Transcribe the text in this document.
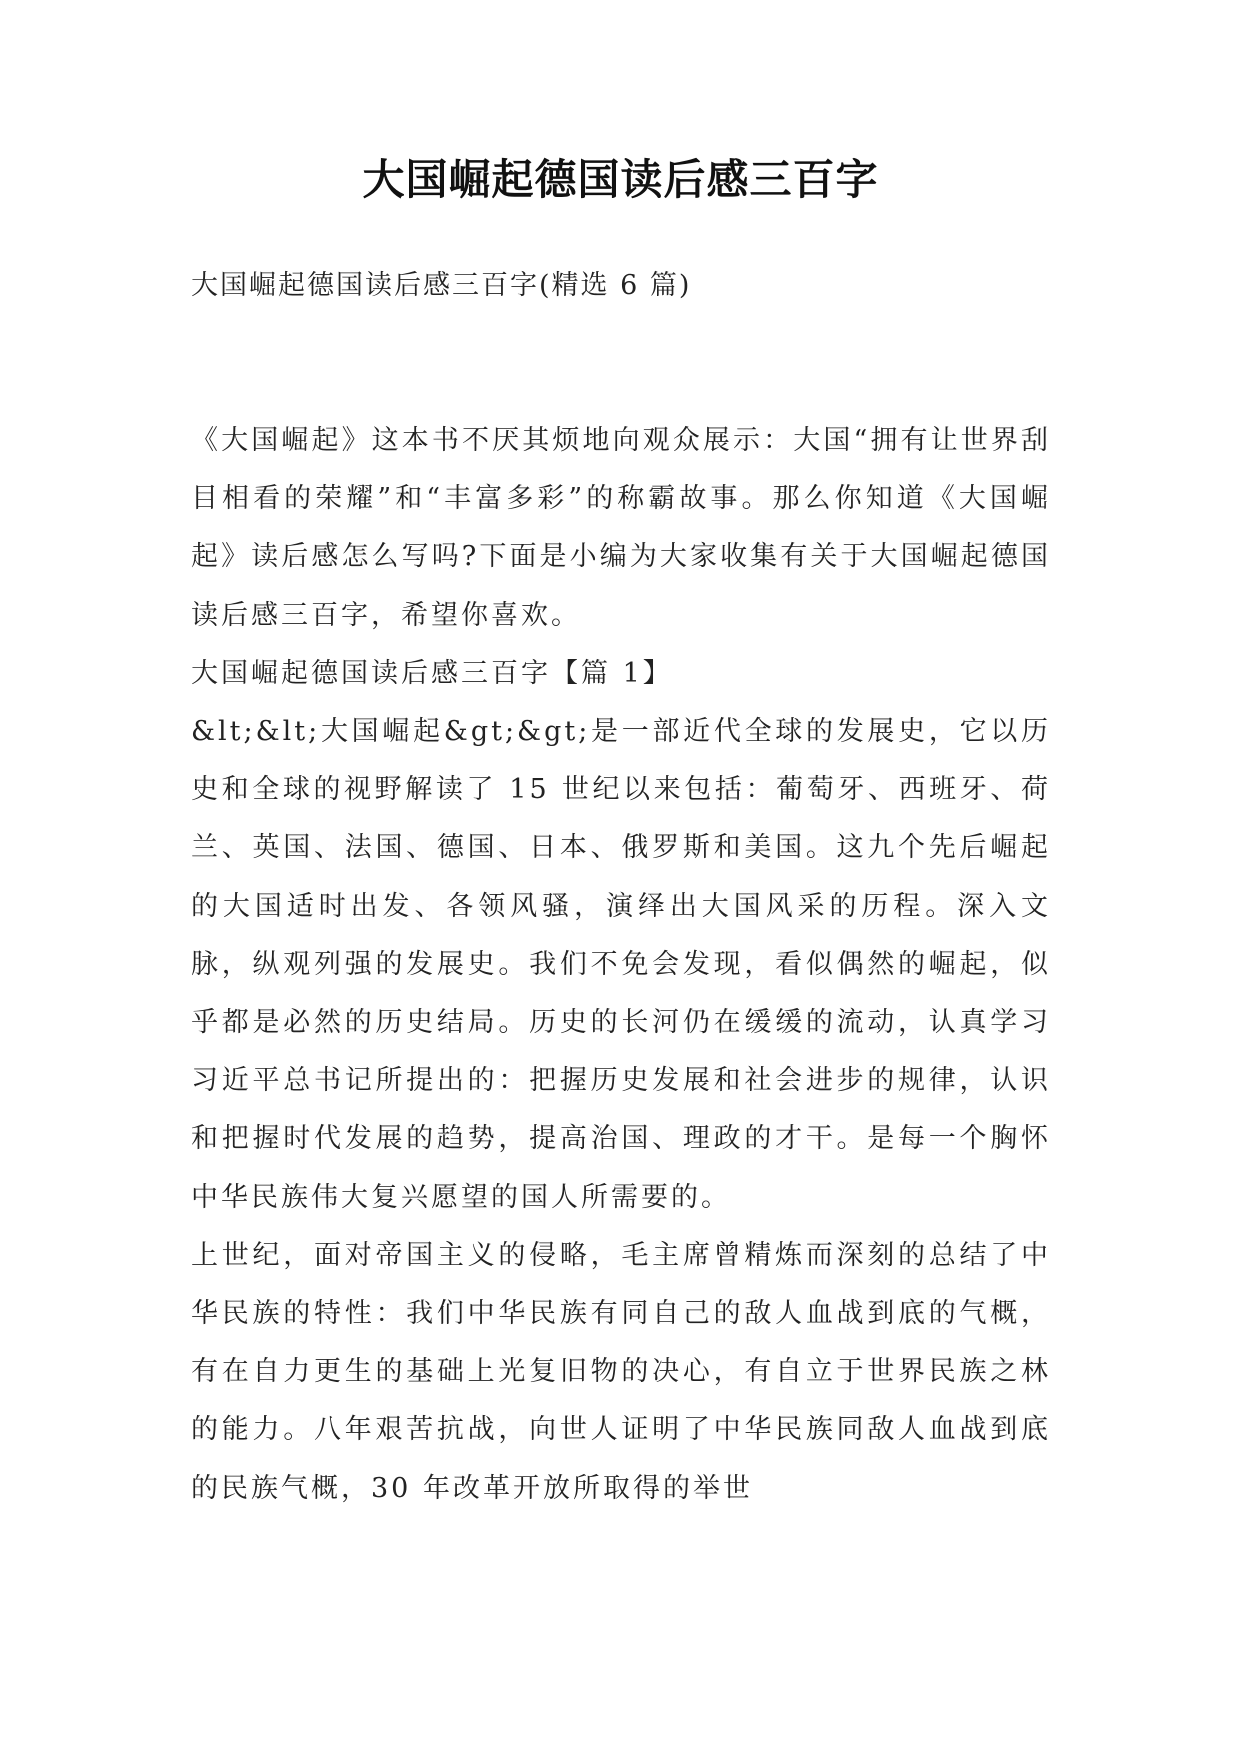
大国崛起德国读后感三百字
大国崛起德国读后感三百字(精选 6 篇)

《大国崛起》这本书不厌其烦地向观众展示：大国“拥有让世界刮目相看的荣耀”和“丰富多彩”的称霸故事。那么你知道《大国崛起》读后感怎么写吗?下面是小编为大家收集有关于大国崛起德国读后感三百字，希望你喜欢。

大国崛起德国读后感三百字【篇 1】

&lt;&lt;大国崛起&gt;&gt;是一部近代全球的发展史，它以历史和全球的视野解读了 15 世纪以来包括：葡萄牙、西班牙、荷兰、英国、法国、德国、日本、俄罗斯和美国。这九个先后崛起的大国适时出发、各领风骚，演绎出大国风采的历程。深入文脉，纵观列强的发展史。我们不免会发现，看似偶然的崛起，似乎都是必然的历史结局。历史的长河仍在缓缓的流动，认真学习习近平总书记所提出的：把握历史发展和社会进步的规律，认识和把握时代发展的趋势，提高治国、理政的才干。是每一个胸怀中华民族伟大复兴愿望的国人所需要的。

上世纪，面对帝国主义的侵略，毛主席曾精炼而深刻的总结了中华民族的特性：我们中华民族有同自己的敌人血战到底的气概，有在自力更生的基础上光复旧物的决心，有自立于世界民族之林的能力。八年艰苦抗战，向世人证明了中华民族同敌人血战到底的民族气概，30 年改革开放所取得的举世
